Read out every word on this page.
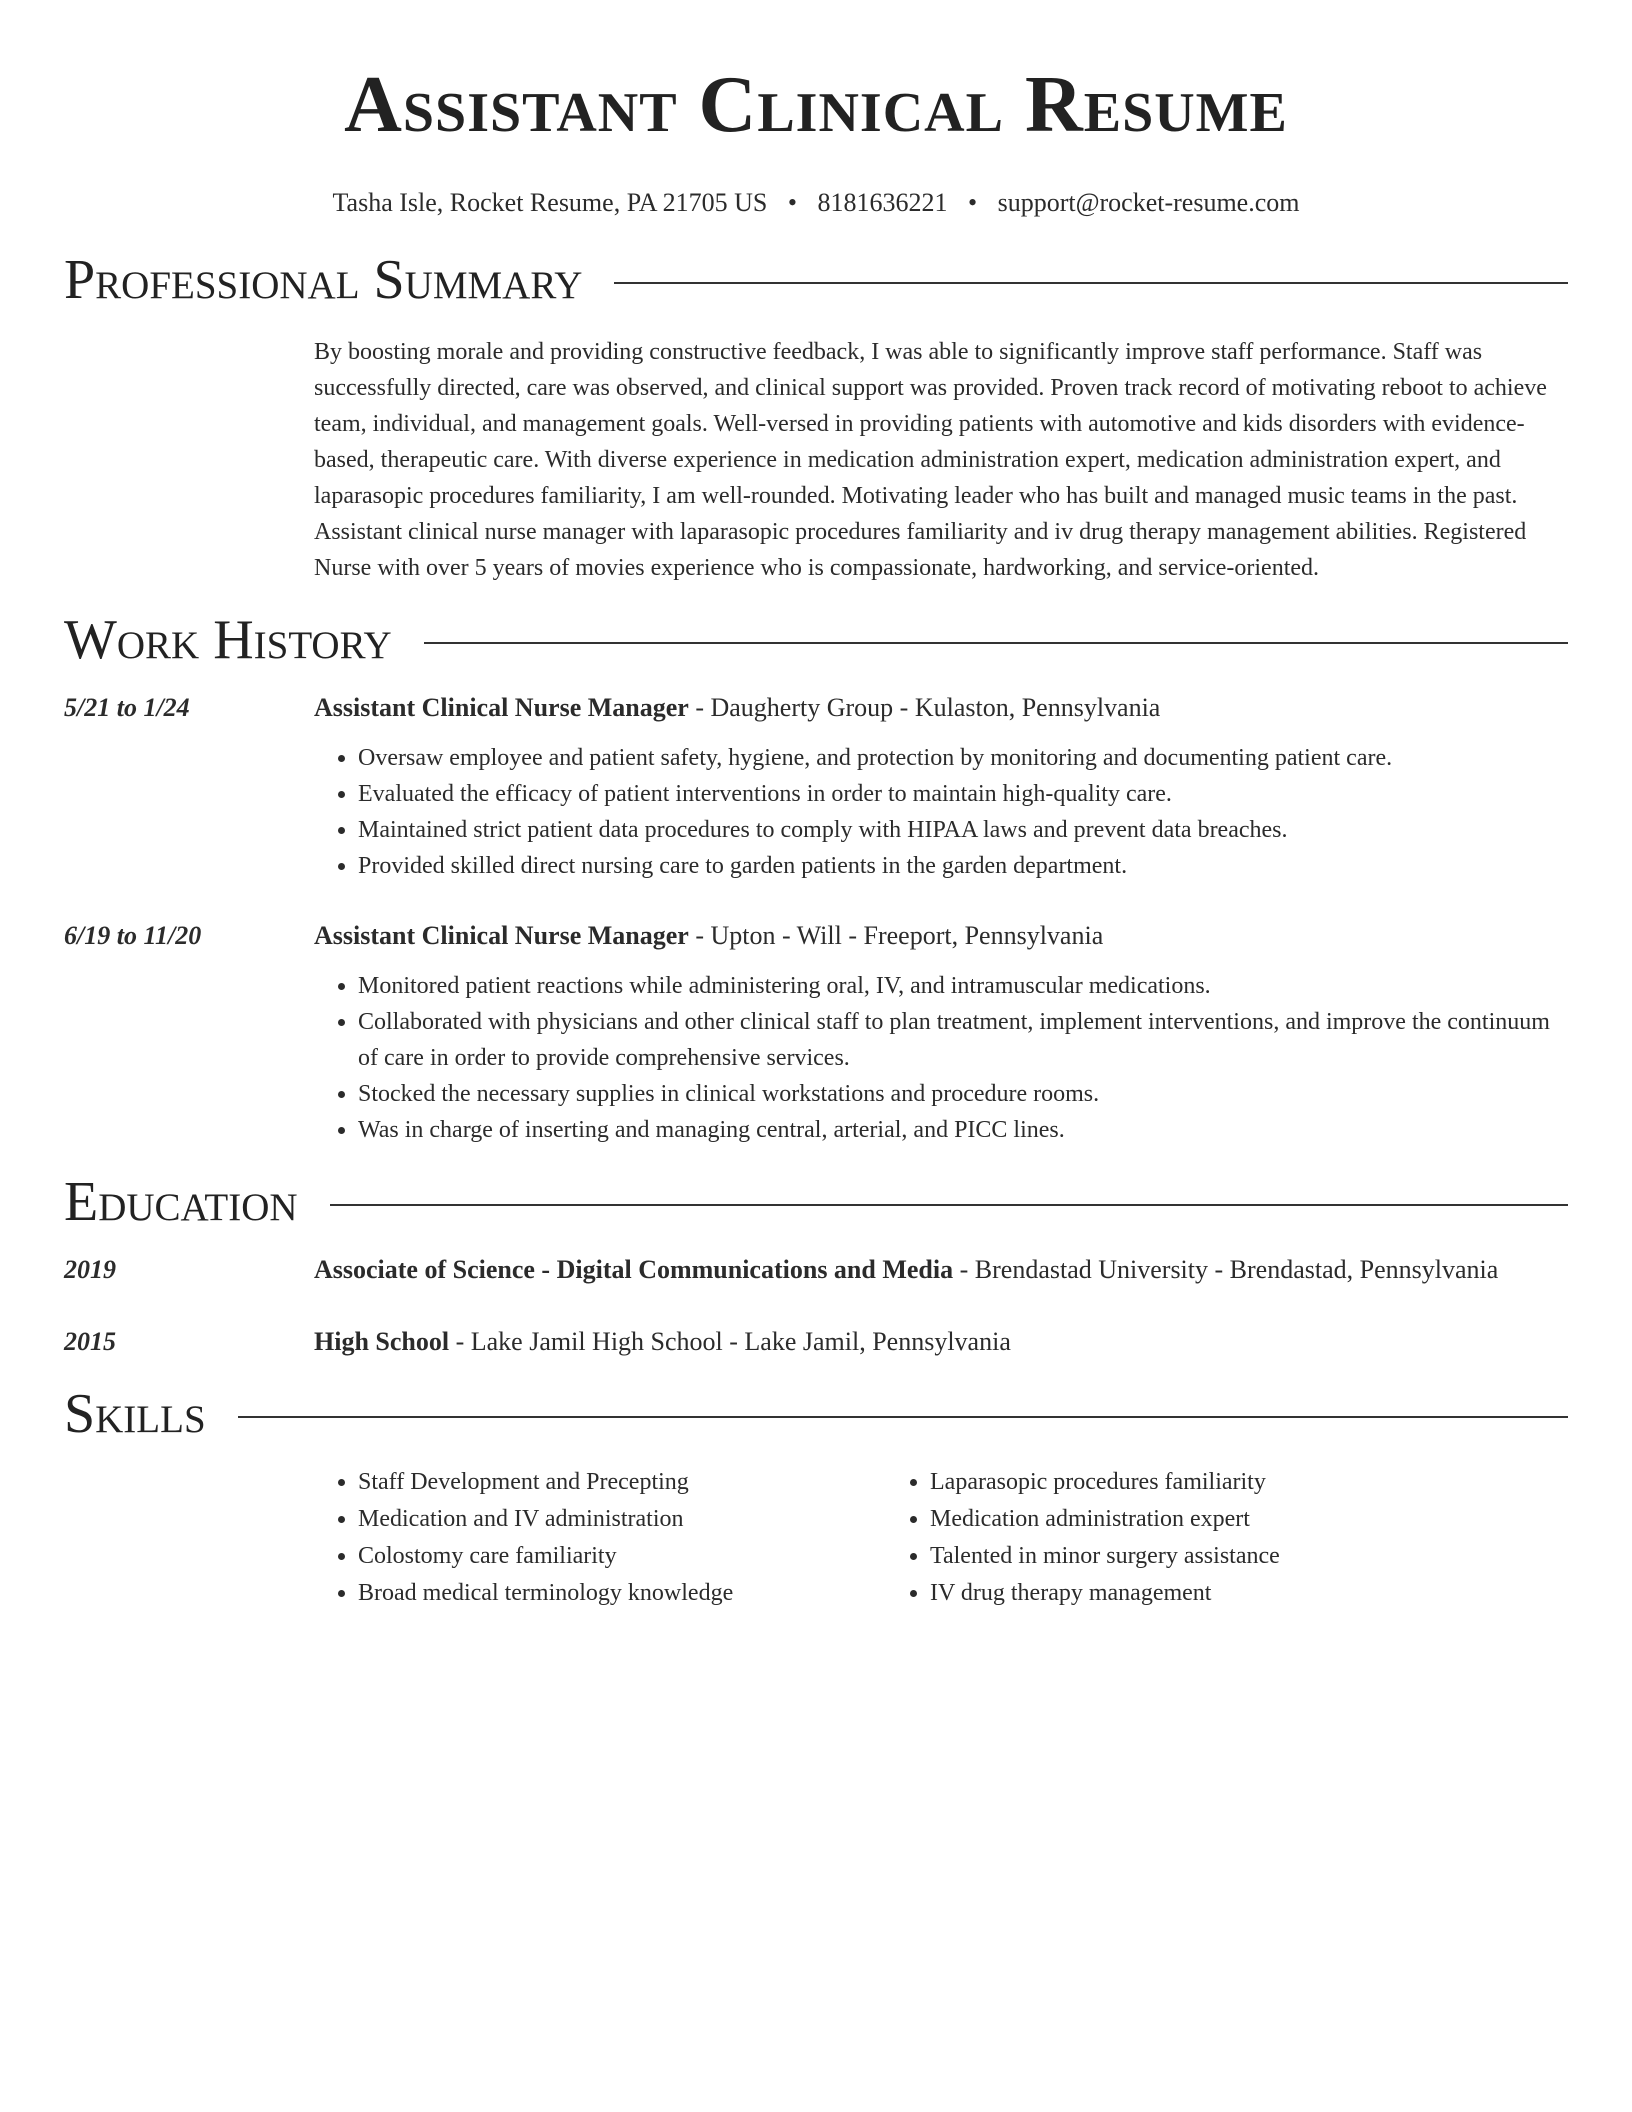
Assistant Clinical Resume
Tasha Isle, Rocket Resume, PA 21705 US • 8181636221 • support@rocket-resume.com
Professional Summary
By boosting morale and providing constructive feedback, I was able to significantly improve staff performance. Staff was successfully directed, care was observed, and clinical support was provided. Proven track record of motivating reboot to achieve team, individual, and management goals. Well-versed in providing patients with automotive and kids disorders with evidence-based, therapeutic care. With diverse experience in medication administration expert, medication administration expert, and laparasopic procedures familiarity, I am well-rounded. Motivating leader who has built and managed music teams in the past. Assistant clinical nurse manager with laparasopic procedures familiarity and iv drug therapy management abilities. Registered Nurse with over 5 years of movies experience who is compassionate, hardworking, and service-oriented.
Work History
5/21 to 1/24	Assistant Clinical Nurse Manager - Daugherty Group - Kulaston, Pennsylvania
• Oversaw employee and patient safety, hygiene, and protection by monitoring and documenting patient care.
• Evaluated the efficacy of patient interventions in order to maintain high-quality care.
• Maintained strict patient data procedures to comply with HIPAA laws and prevent data breaches.
• Provided skilled direct nursing care to garden patients in the garden department.
6/19 to 11/20	Assistant Clinical Nurse Manager - Upton - Will - Freeport, Pennsylvania
• Monitored patient reactions while administering oral, IV, and intramuscular medications.
• Collaborated with physicians and other clinical staff to plan treatment, implement interventions, and improve the continuum of care in order to provide comprehensive services.
• Stocked the necessary supplies in clinical workstations and procedure rooms.
• Was in charge of inserting and managing central, arterial, and PICC lines.
Education
2019	Associate of Science - Digital Communications and Media - Brendastad University - Brendastad, Pennsylvania
2015	High School - Lake Jamil High School - Lake Jamil, Pennsylvania
Skills
• Staff Development and Precepting
• Medication and IV administration
• Colostomy care familiarity
• Broad medical terminology knowledge
• Laparasopic procedures familiarity
• Medication administration expert
• Talented in minor surgery assistance
• IV drug therapy management
